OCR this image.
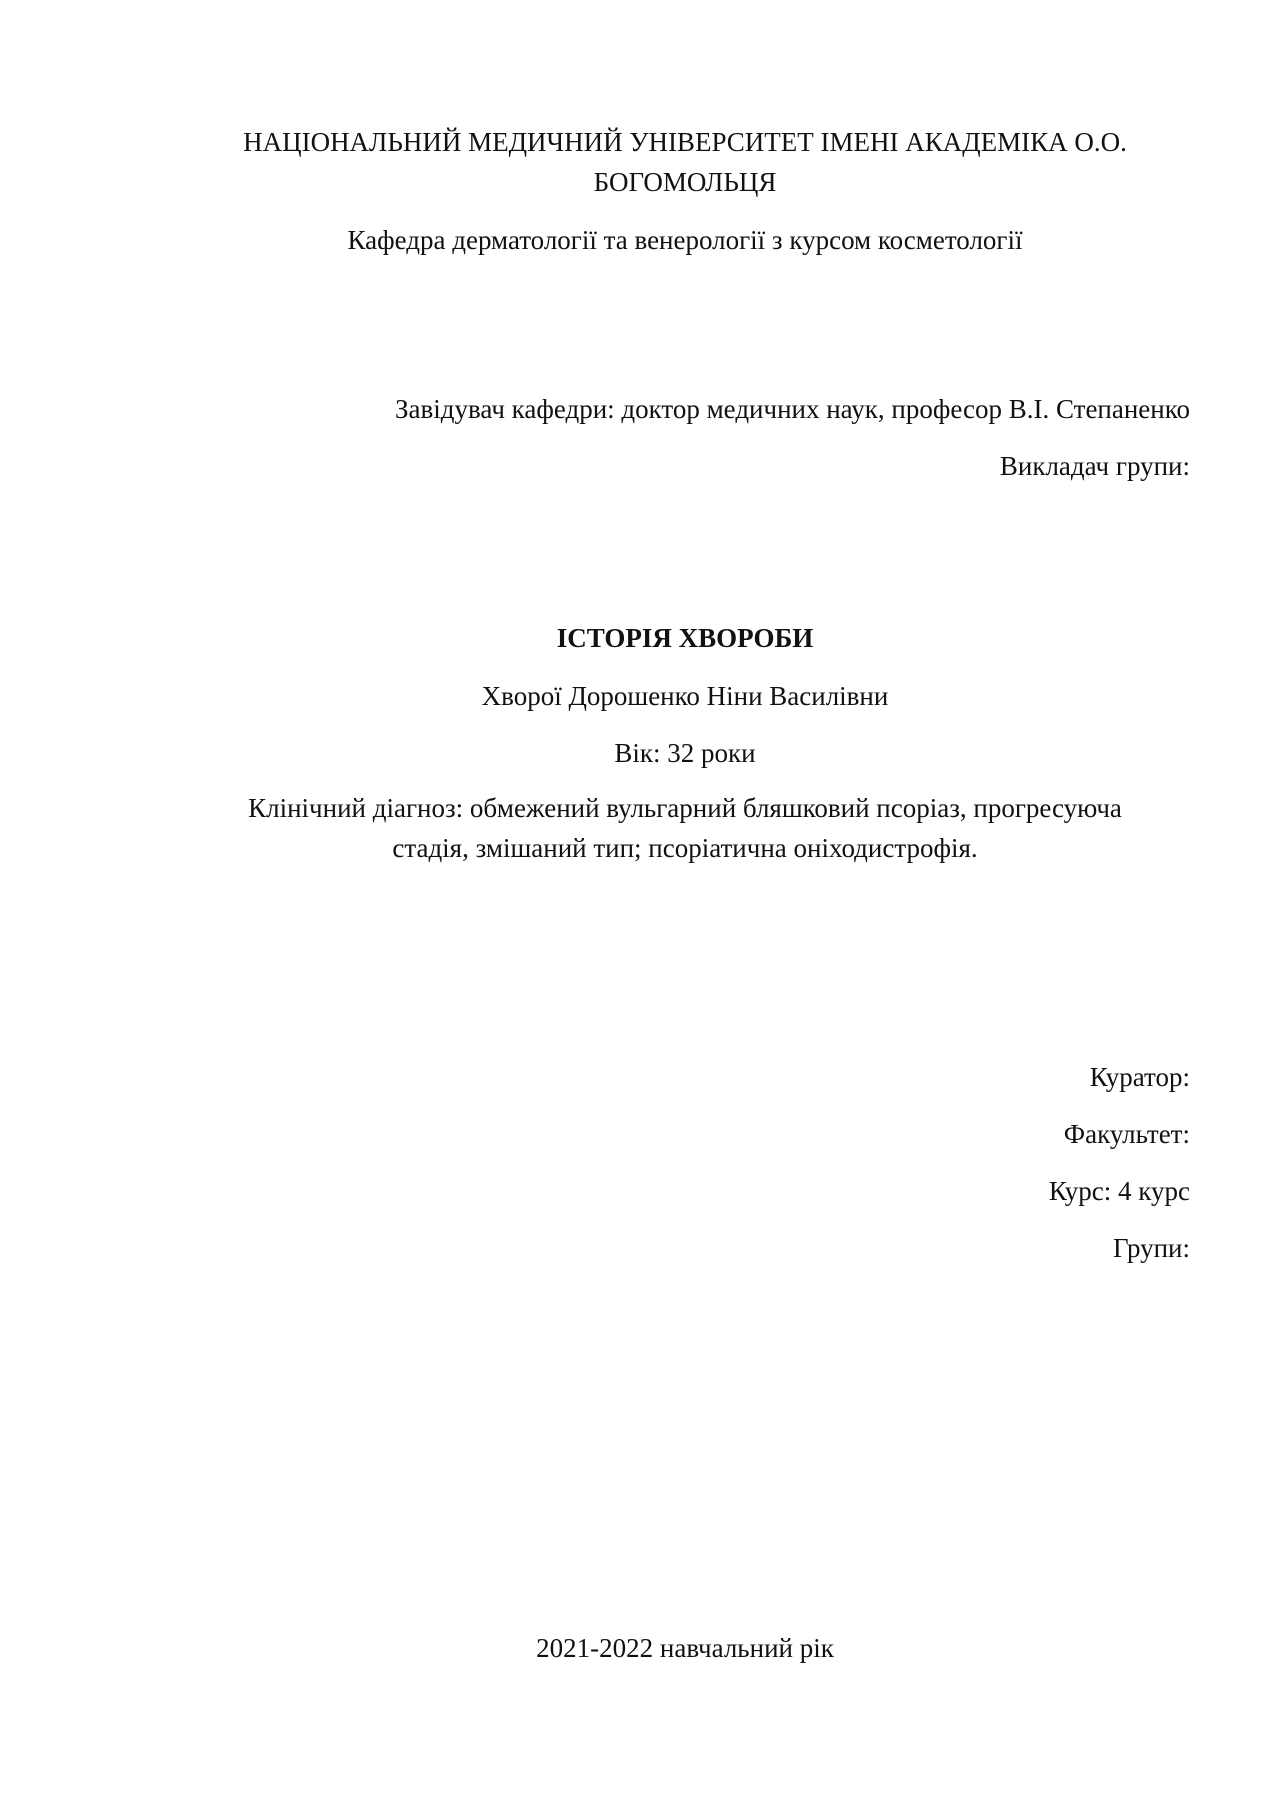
НАЦІОНАЛЬНИЙ МЕДИЧНИЙ УНІВЕРСИТЕТ ІМЕНІ АКАДЕМІКА О.О.
БОГОМОЛЬЦЯ
Кафедра дерматології та венерології з курсом косметології
Завідувач кафедри: доктор медичних наук, професор В.І. Степаненко
Викладач групи:
ІСТОРІЯ ХВОРОБИ
Хворої Дорошенко Ніни Василівни
Вік: 32 роки
Клінічний діагноз: обмежений вульгарний бляшковий псоріаз, прогресуюча
стадія, змішаний тип; псоріатична оніходистрофія.
Куратор:
Факультет:
Курс: 4 курс
Групи:
2021-2022 навчальний рік
